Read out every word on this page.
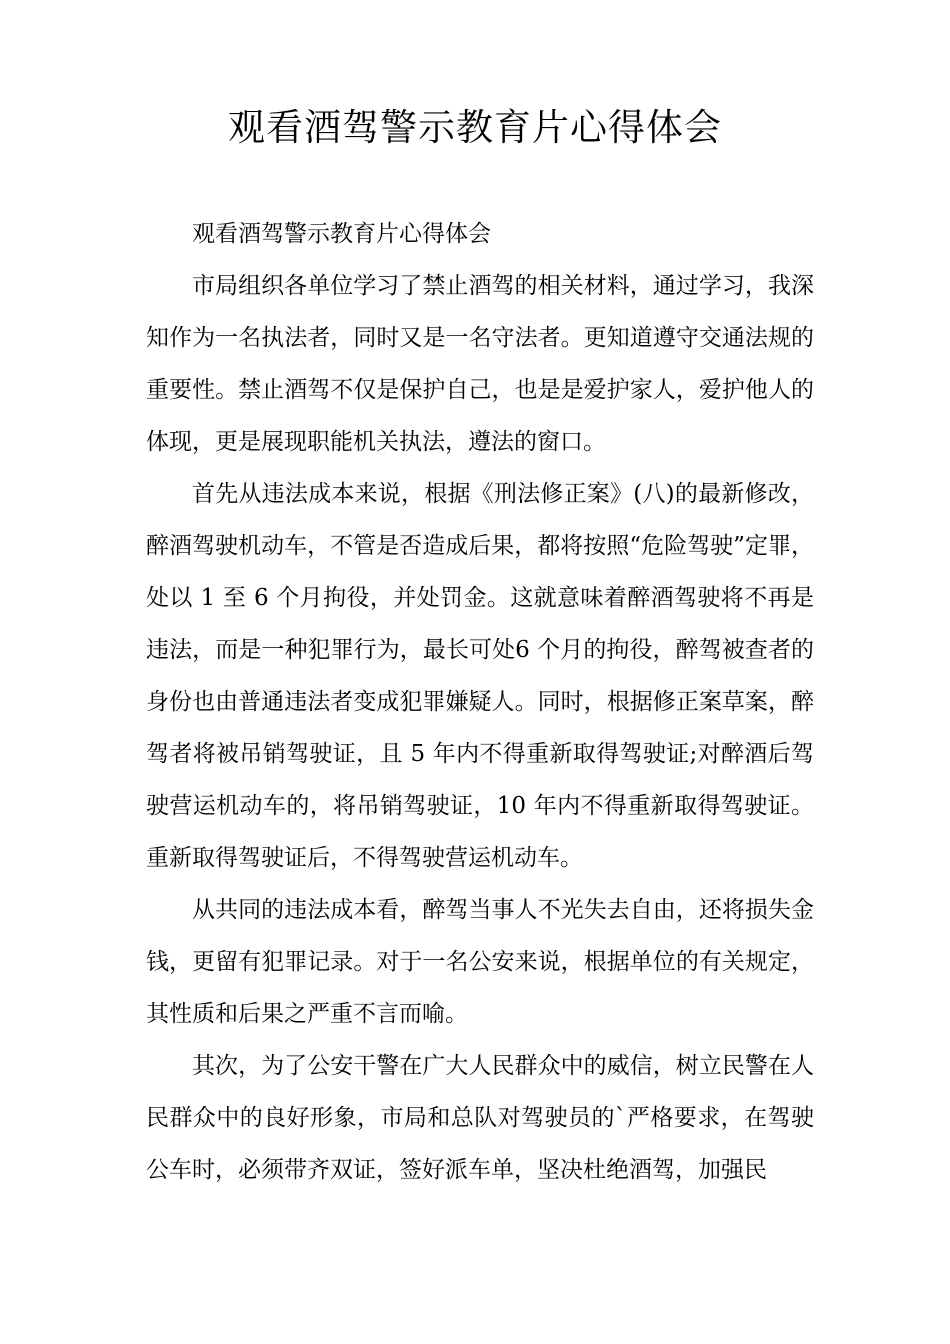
观看酒驾警示教育片心得体会

观看酒驾警示教育片心得体会

市局组织各单位学习了禁止酒驾的相关材料，通过学习，我深知作为一名执法者，同时又是一名守法者。更知道遵守交通法规的重要性。禁止酒驾不仅是保护自己，也是是爱护家人，爱护他人的体现，更是展现职能机关执法，遵法的窗口。

首先从违法成本来说，根据《刑法修正案》(八)的最新修改，醉酒驾驶机动车，不管是否造成后果，都将按照“危险驾驶”定罪，处以 1 至 6 个月拘役，并处罚金。这就意味着醉酒驾驶将不再是违法，而是一种犯罪行为，最长可处6 个月的拘役，醉驾被查者的身份也由普通违法者变成犯罪嫌疑人。同时，根据修正案草案，醉驾者将被吊销驾驶证，且 5 年内不得重新取得驾驶证;对醉酒后驾驶营运机动车的，将吊销驾驶证，10 年内不得重新取得驾驶证。重新取得驾驶证后，不得驾驶营运机动车。

从共同的违法成本看，醉驾当事人不光失去自由，还将损失金钱，更留有犯罪记录。对于一名公安来说，根据单位的有关规定，其性质和后果之严重不言而喻。

其次，为了公安干警在广大人民群众中的威信，树立民警在人民群众中的良好形象，市局和总队对驾驶员的`严格要求，在驾驶公车时，必须带齐双证，签好派车单，坚决杜绝酒驾，加强民
